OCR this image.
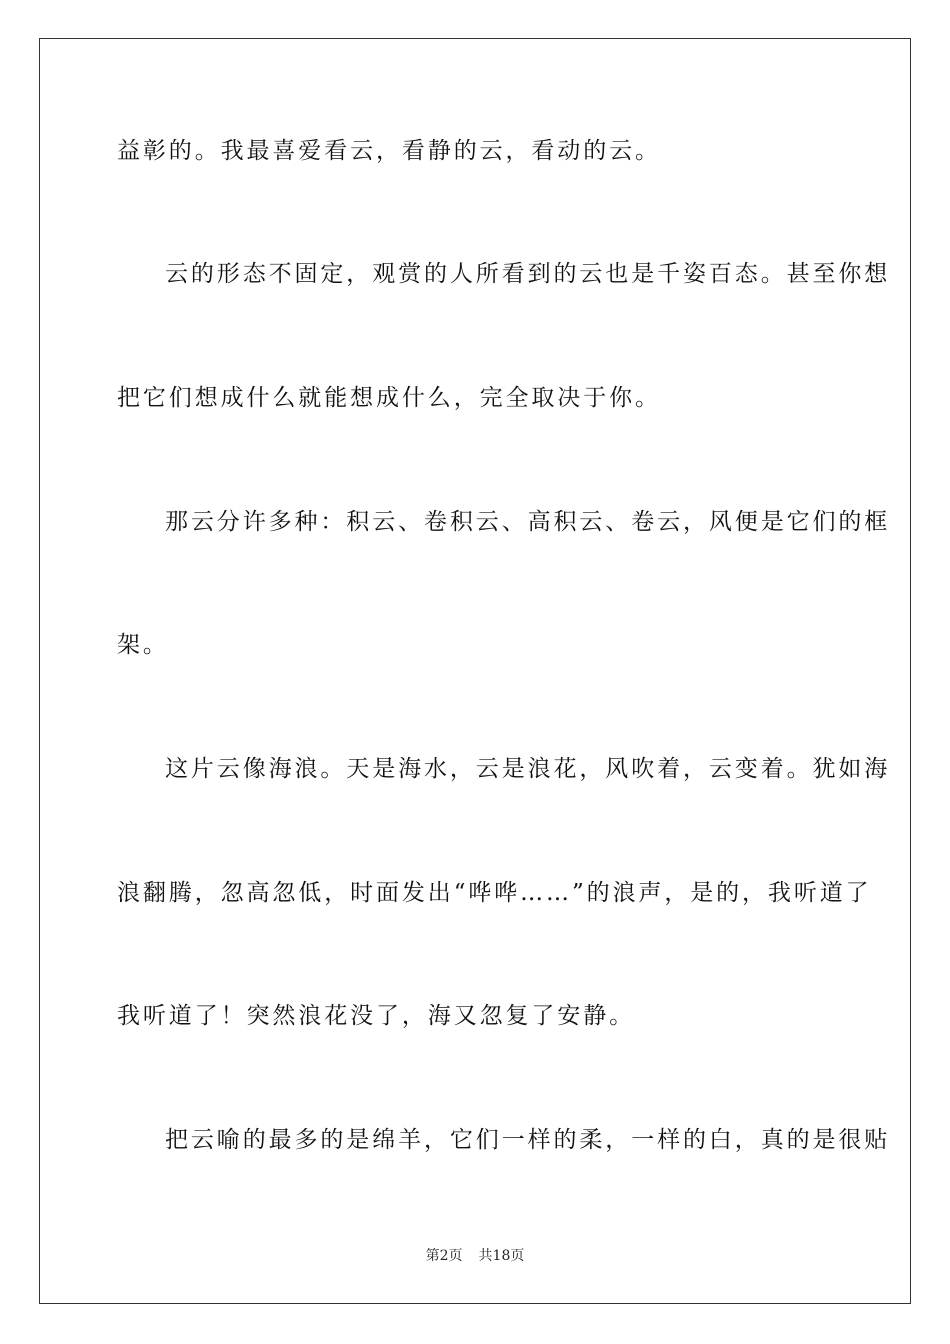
益彰的。我最喜爱看云，看静的云，看动的云。
云的形态不固定，观赏的人所看到的云也是千姿百态。甚至你想
把它们想成什么就能想成什么，完全取决于你。
那云分许多种：积云、卷积云、高积云、卷云，风便是它们的框
架。
这片云像海浪。天是海水，云是浪花，风吹着，云变着。犹如海
浪翻腾，忽高忽低，时面发出“哗哗……”的浪声，是的，我听道了
我听道了！突然浪花没了，海又忽复了安静。
把云喻的最多的是绵羊，它们一样的柔，一样的白，真的是很贴
第2页 共18页
